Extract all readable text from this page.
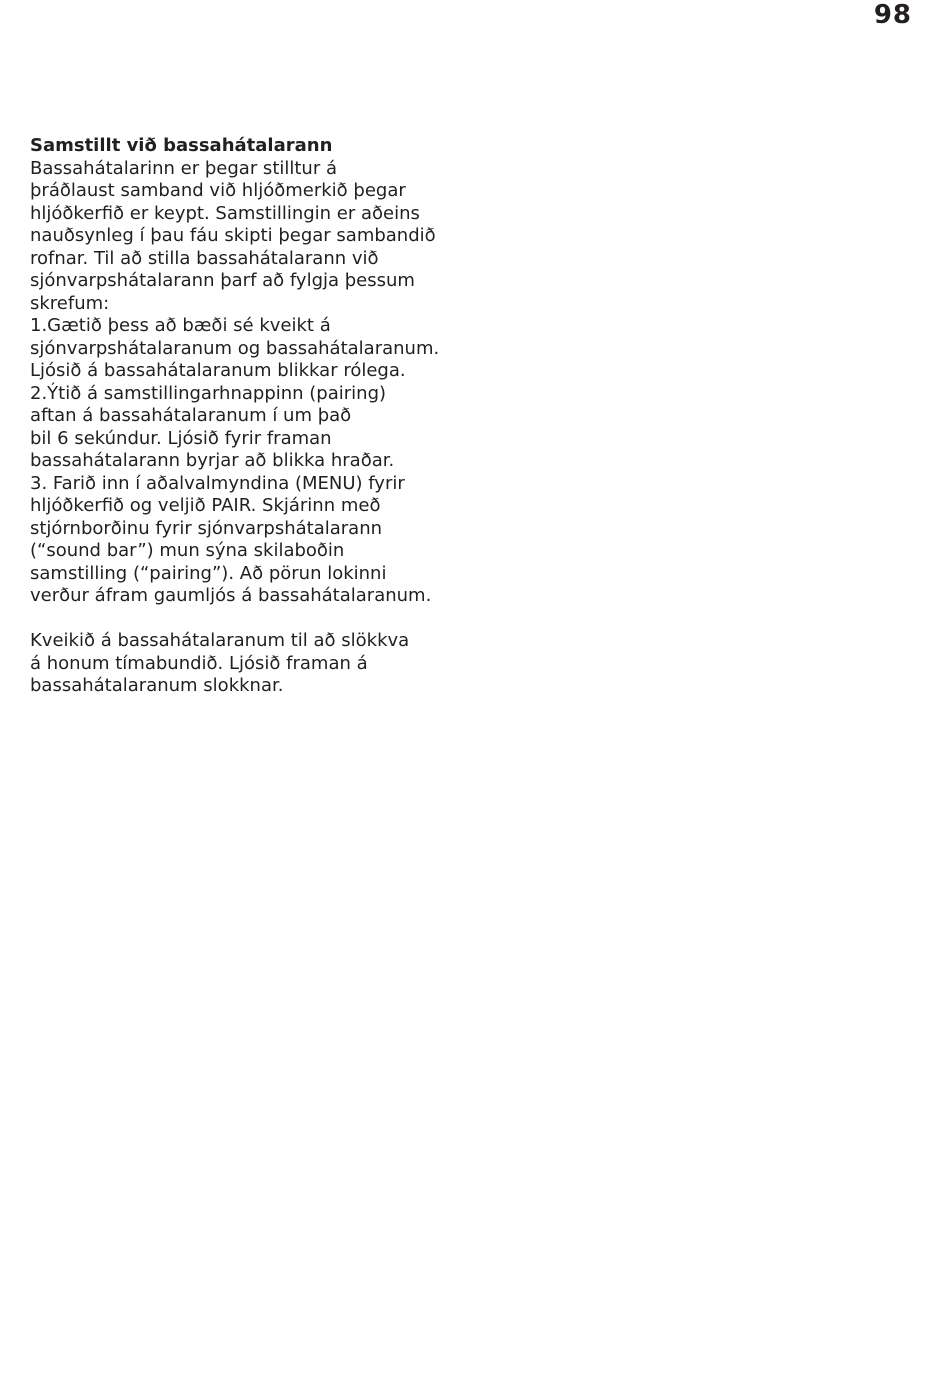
98
Samstillt við bassahátalarann
Bassahátalarinn er þegar stilltur á
þráðlaust samband við hljóðmerkið þegar
hljóðkerfið er keypt. Samstillingin er aðeins
nauðsynleg í þau fáu skipti þegar sambandið
rofnar. Til að stilla bassahátalarann við
sjónvarpshátalarann þarf að fylgja þessum
skrefum:
1.Gætið þess að bæði sé kveikt á
sjónvarpshátalaranum og bassahátalaranum.
Ljósið á bassahátalaranum blikkar rólega.
2.Ýtið á samstillingarhnappinn (pairing)
aftan á bassahátalaranum í um það
bil 6 sekúndur. Ljósið fyrir framan
bassahátalarann byrjar að blikka hraðar.
3. Farið inn í aðalvalmyndina (MENU) fyrir
hljóðkerfið og veljið PAIR. Skjárinn með
stjórnborðinu fyrir sjónvarpshátalarann
(“sound bar”) mun sýna skilaboðin
samstilling (“pairing”). Að pörun lokinni
verður áfram gaumljós á bassahátalaranum.
Kveikið á bassahátalaranum til að slökkva
á honum tímabundið. Ljósið framan á
bassahátalaranum slokknar.
